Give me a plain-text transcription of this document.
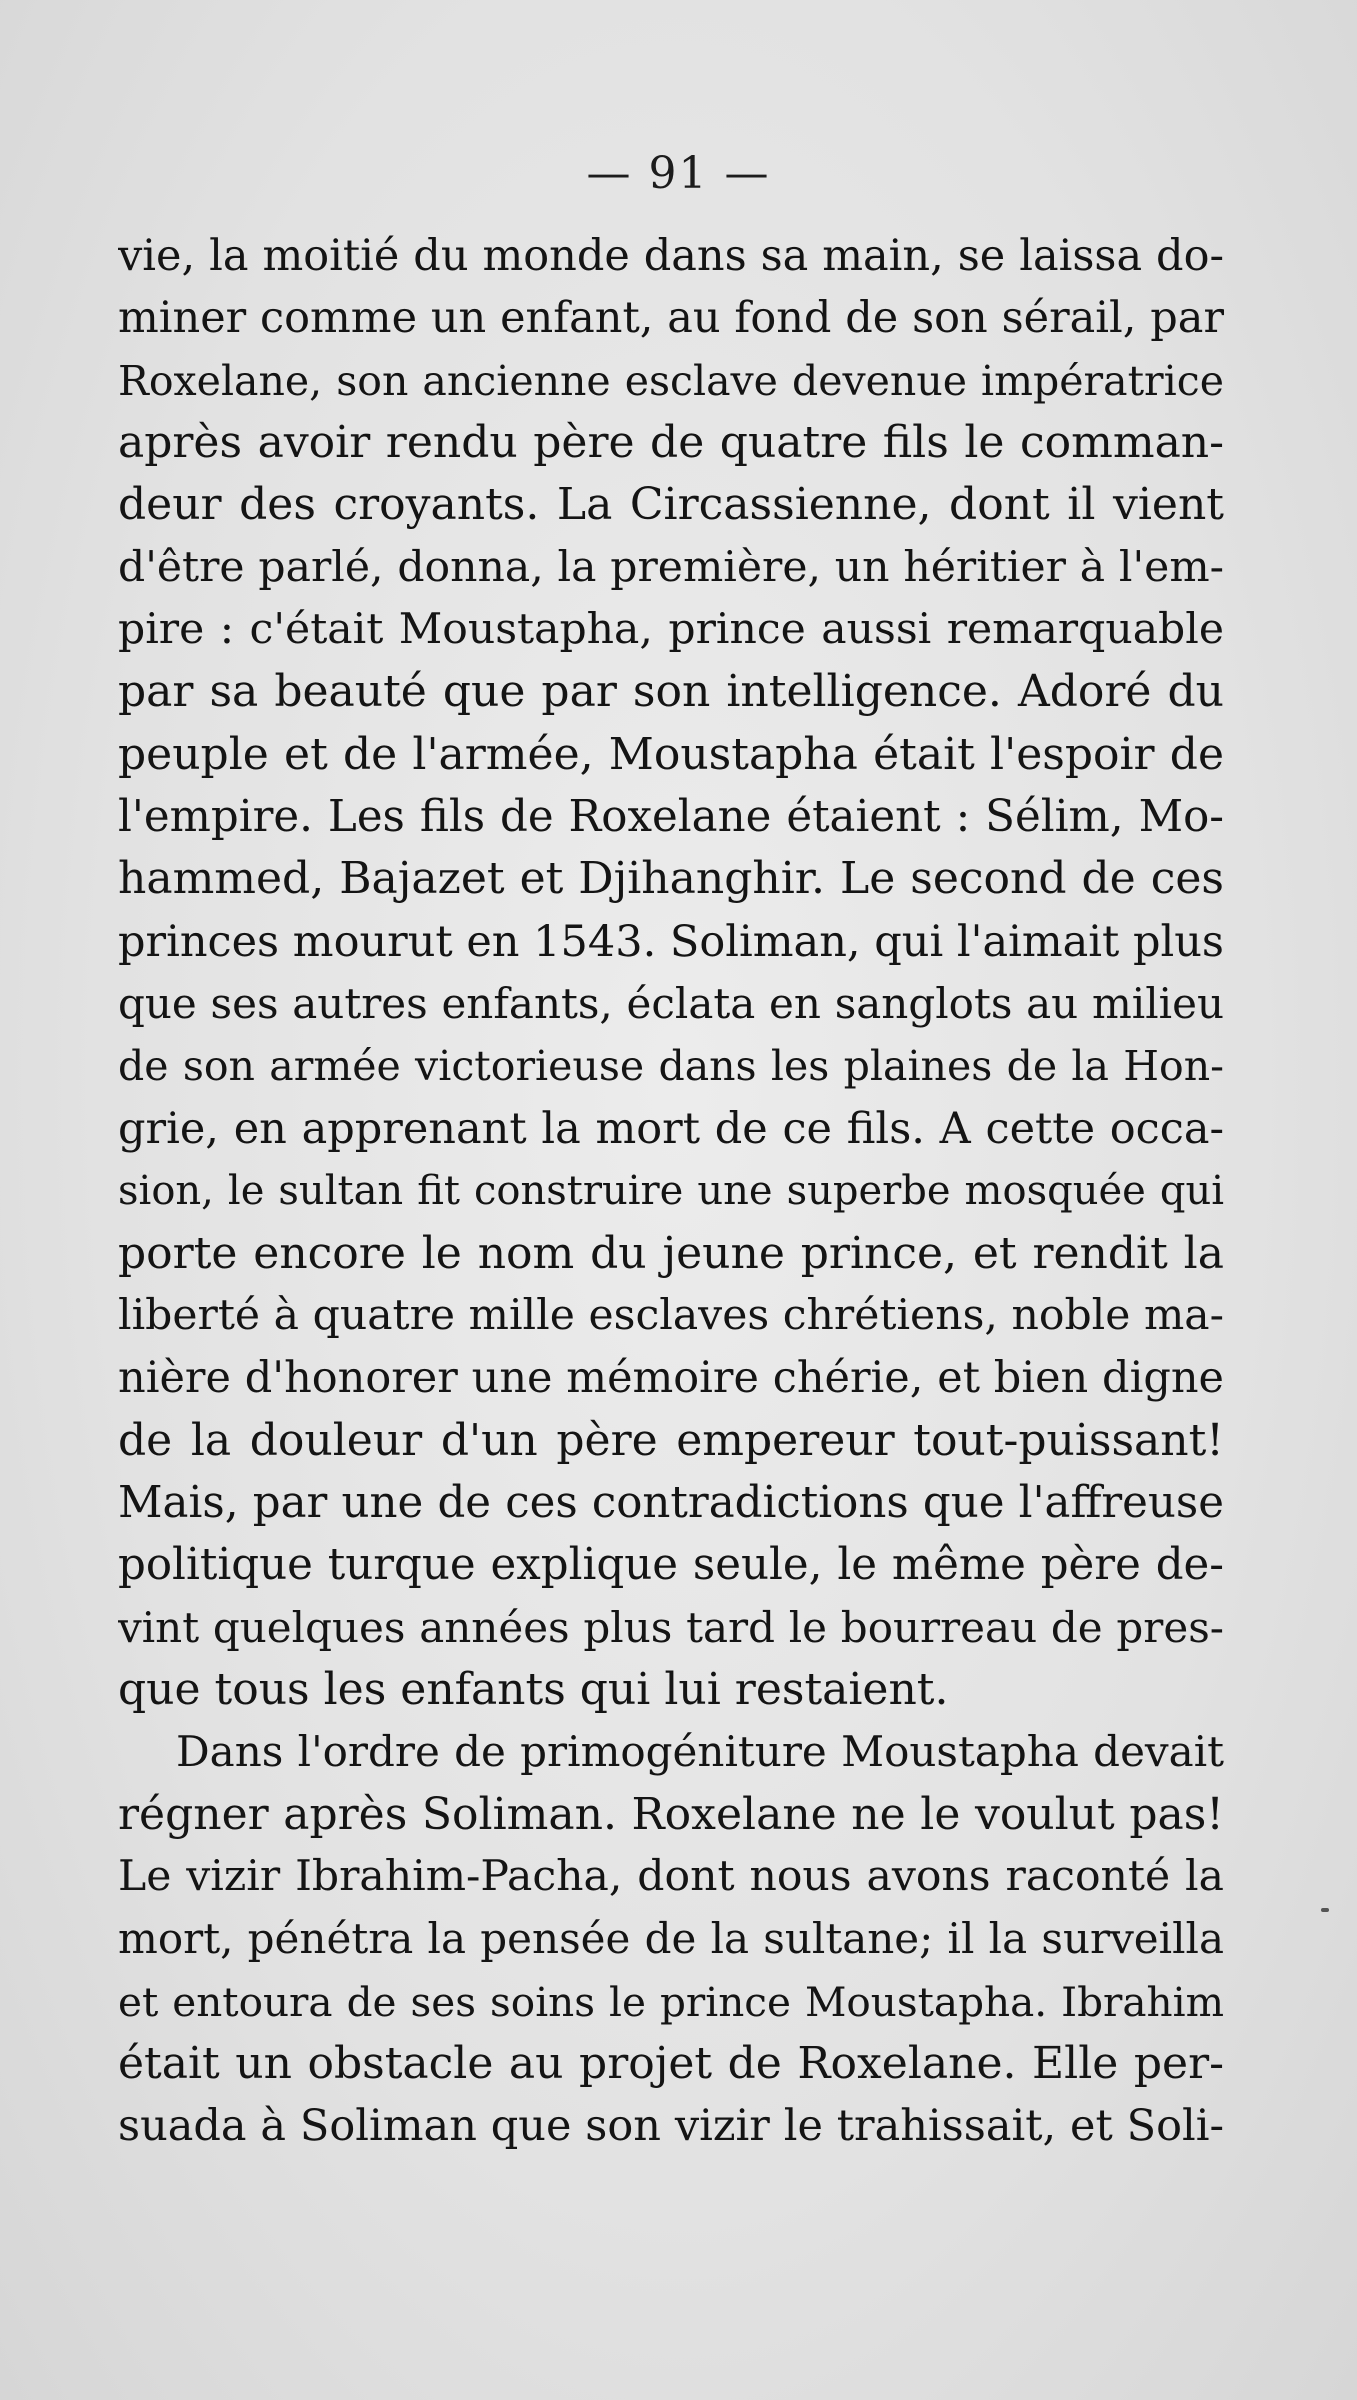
— 91 —
vie, la moitié du monde dans sa main, se laissa do-
miner comme un enfant, au fond de son sérail, par
Roxelane, son ancienne esclave devenue impératrice
après avoir rendu père de quatre fils le comman-
deur des croyants. La Circassienne, dont il vient
d'être parlé, donna, la première, un héritier à l'em-
pire : c'était Moustapha, prince aussi remarquable
par sa beauté que par son intelligence. Adoré du
peuple et de l'armée, Moustapha était l'espoir de
l'empire. Les fils de Roxelane étaient : Sélim, Mo-
hammed, Bajazet et Djihanghir. Le second de ces
princes mourut en 1543. Soliman, qui l'aimait plus
que ses autres enfants, éclata en sanglots au milieu
de son armée victorieuse dans les plaines de la Hon-
grie, en apprenant la mort de ce fils. A cette occa-
sion, le sultan fit construire une superbe mosquée qui
porte encore le nom du jeune prince, et rendit la
liberté à quatre mille esclaves chrétiens, noble ma-
nière d'honorer une mémoire chérie, et bien digne
de la douleur d'un père empereur tout-puissant!
Mais, par une de ces contradictions que l'affreuse
politique turque explique seule, le même père de-
vint quelques années plus tard le bourreau de pres-
que tous les enfants qui lui restaient.
Dans l'ordre de primogéniture Moustapha devait
régner après Soliman. Roxelane ne le voulut pas!
Le vizir Ibrahim-Pacha, dont nous avons raconté la
mort, pénétra la pensée de la sultane; il la surveilla
et entoura de ses soins le prince Moustapha. Ibrahim
était un obstacle au projet de Roxelane. Elle per-
suada à Soliman que son vizir le trahissait, et Soli-
